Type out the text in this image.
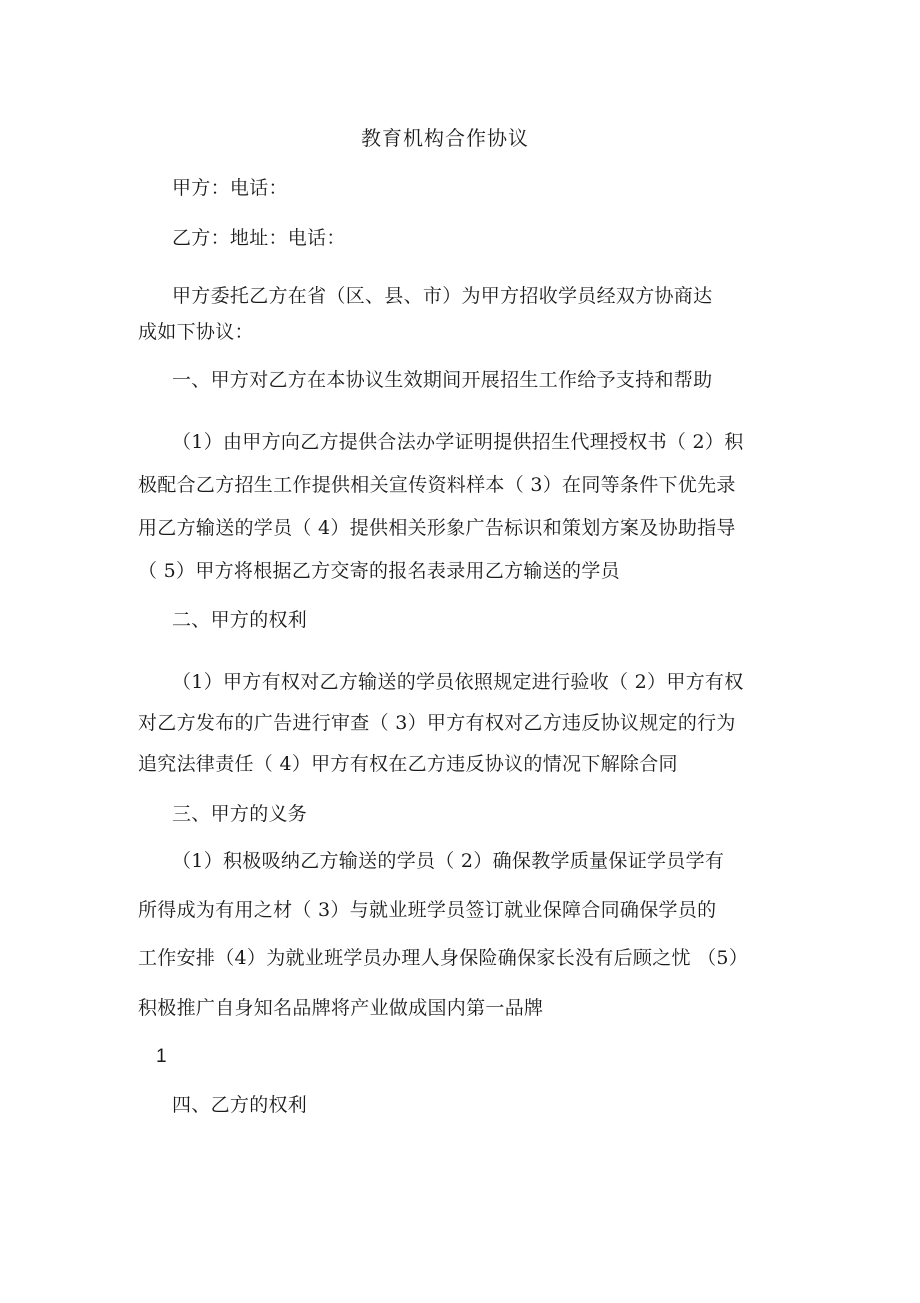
教育机构合作协议
甲方：电话：
乙方：地址：电话：
甲方委托乙方在省（区、县、市）为甲方招收学员经双方协商达
成如下协议：
一、甲方对乙方在本协议生效期间开展招生工作给予支持和帮助
（1）由甲方向乙方提供合法办学证明提供招生代理授权书（ 2）积
极配合乙方招生工作提供相关宣传资料样本（ 3）在同等条件下优先录
用乙方输送的学员（ 4）提供相关形象广告标识和策划方案及协助指导
（ 5）甲方将根据乙方交寄的报名表录用乙方输送的学员
二、甲方的权利
（1）甲方有权对乙方输送的学员依照规定进行验收（ 2）甲方有权
对乙方发布的广告进行审查（ 3）甲方有权对乙方违反协议规定的行为
追究法律责任（ 4）甲方有权在乙方违反协议的情况下解除合同
三、甲方的义务
（1）积极吸纳乙方输送的学员（ 2）确保教学质量保证学员学有
所得成为有用之材（ 3）与就业班学员签订就业保障合同确保学员的
工作安排（4）为就业班学员办理人身保险确保家长没有后顾之忧 （5）
积极推广自身知名品牌将产业做成国内第一品牌
1
四、乙方的权利
